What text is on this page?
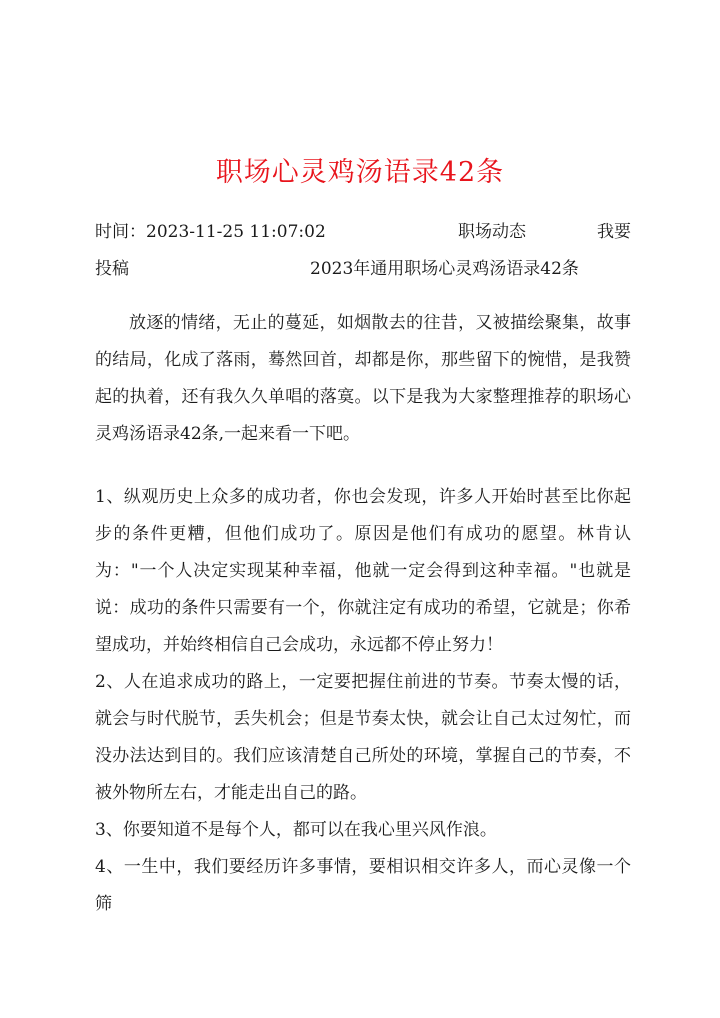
职场心灵鸡汤语录42条
时间：2023-11-25 11:07:02	职场动态	我要
投稿	2023年通用职场心灵鸡汤语录42条

放逐的情绪，无止的蔓延，如烟散去的往昔，又被描绘聚集，故事的结局，化成了落雨，蓦然回首，却都是你，那些留下的惋惜，是我赞起的执着，还有我久久单唱的落寞。以下是我为大家整理推荐的职场心灵鸡汤语录42条,一起来看一下吧。

1、纵观历史上众多的成功者，你也会发现，许多人开始时甚至比你起步的条件更糟，但他们成功了。原因是他们有成功的愿望。林肯认为："一个人决定实现某种幸福，他就一定会得到这种幸福。"也就是说：成功的条件只需要有一个，你就注定有成功的希望，它就是；你希望成功，并始终相信自己会成功，永远都不停止努力！

2、人在追求成功的路上，一定要把握住前进的节奏。节奏太慢的话，就会与时代脱节，丢失机会；但是节奏太快，就会让自己太过匆忙，而没办法达到目的。我们应该清楚自己所处的环境，掌握自己的节奏，不被外物所左右，才能走出自己的路。

3、你要知道不是每个人，都可以在我心里兴风作浪。

4、一生中，我们要经历许多事情，要相识相交许多人，而心灵像一个筛
